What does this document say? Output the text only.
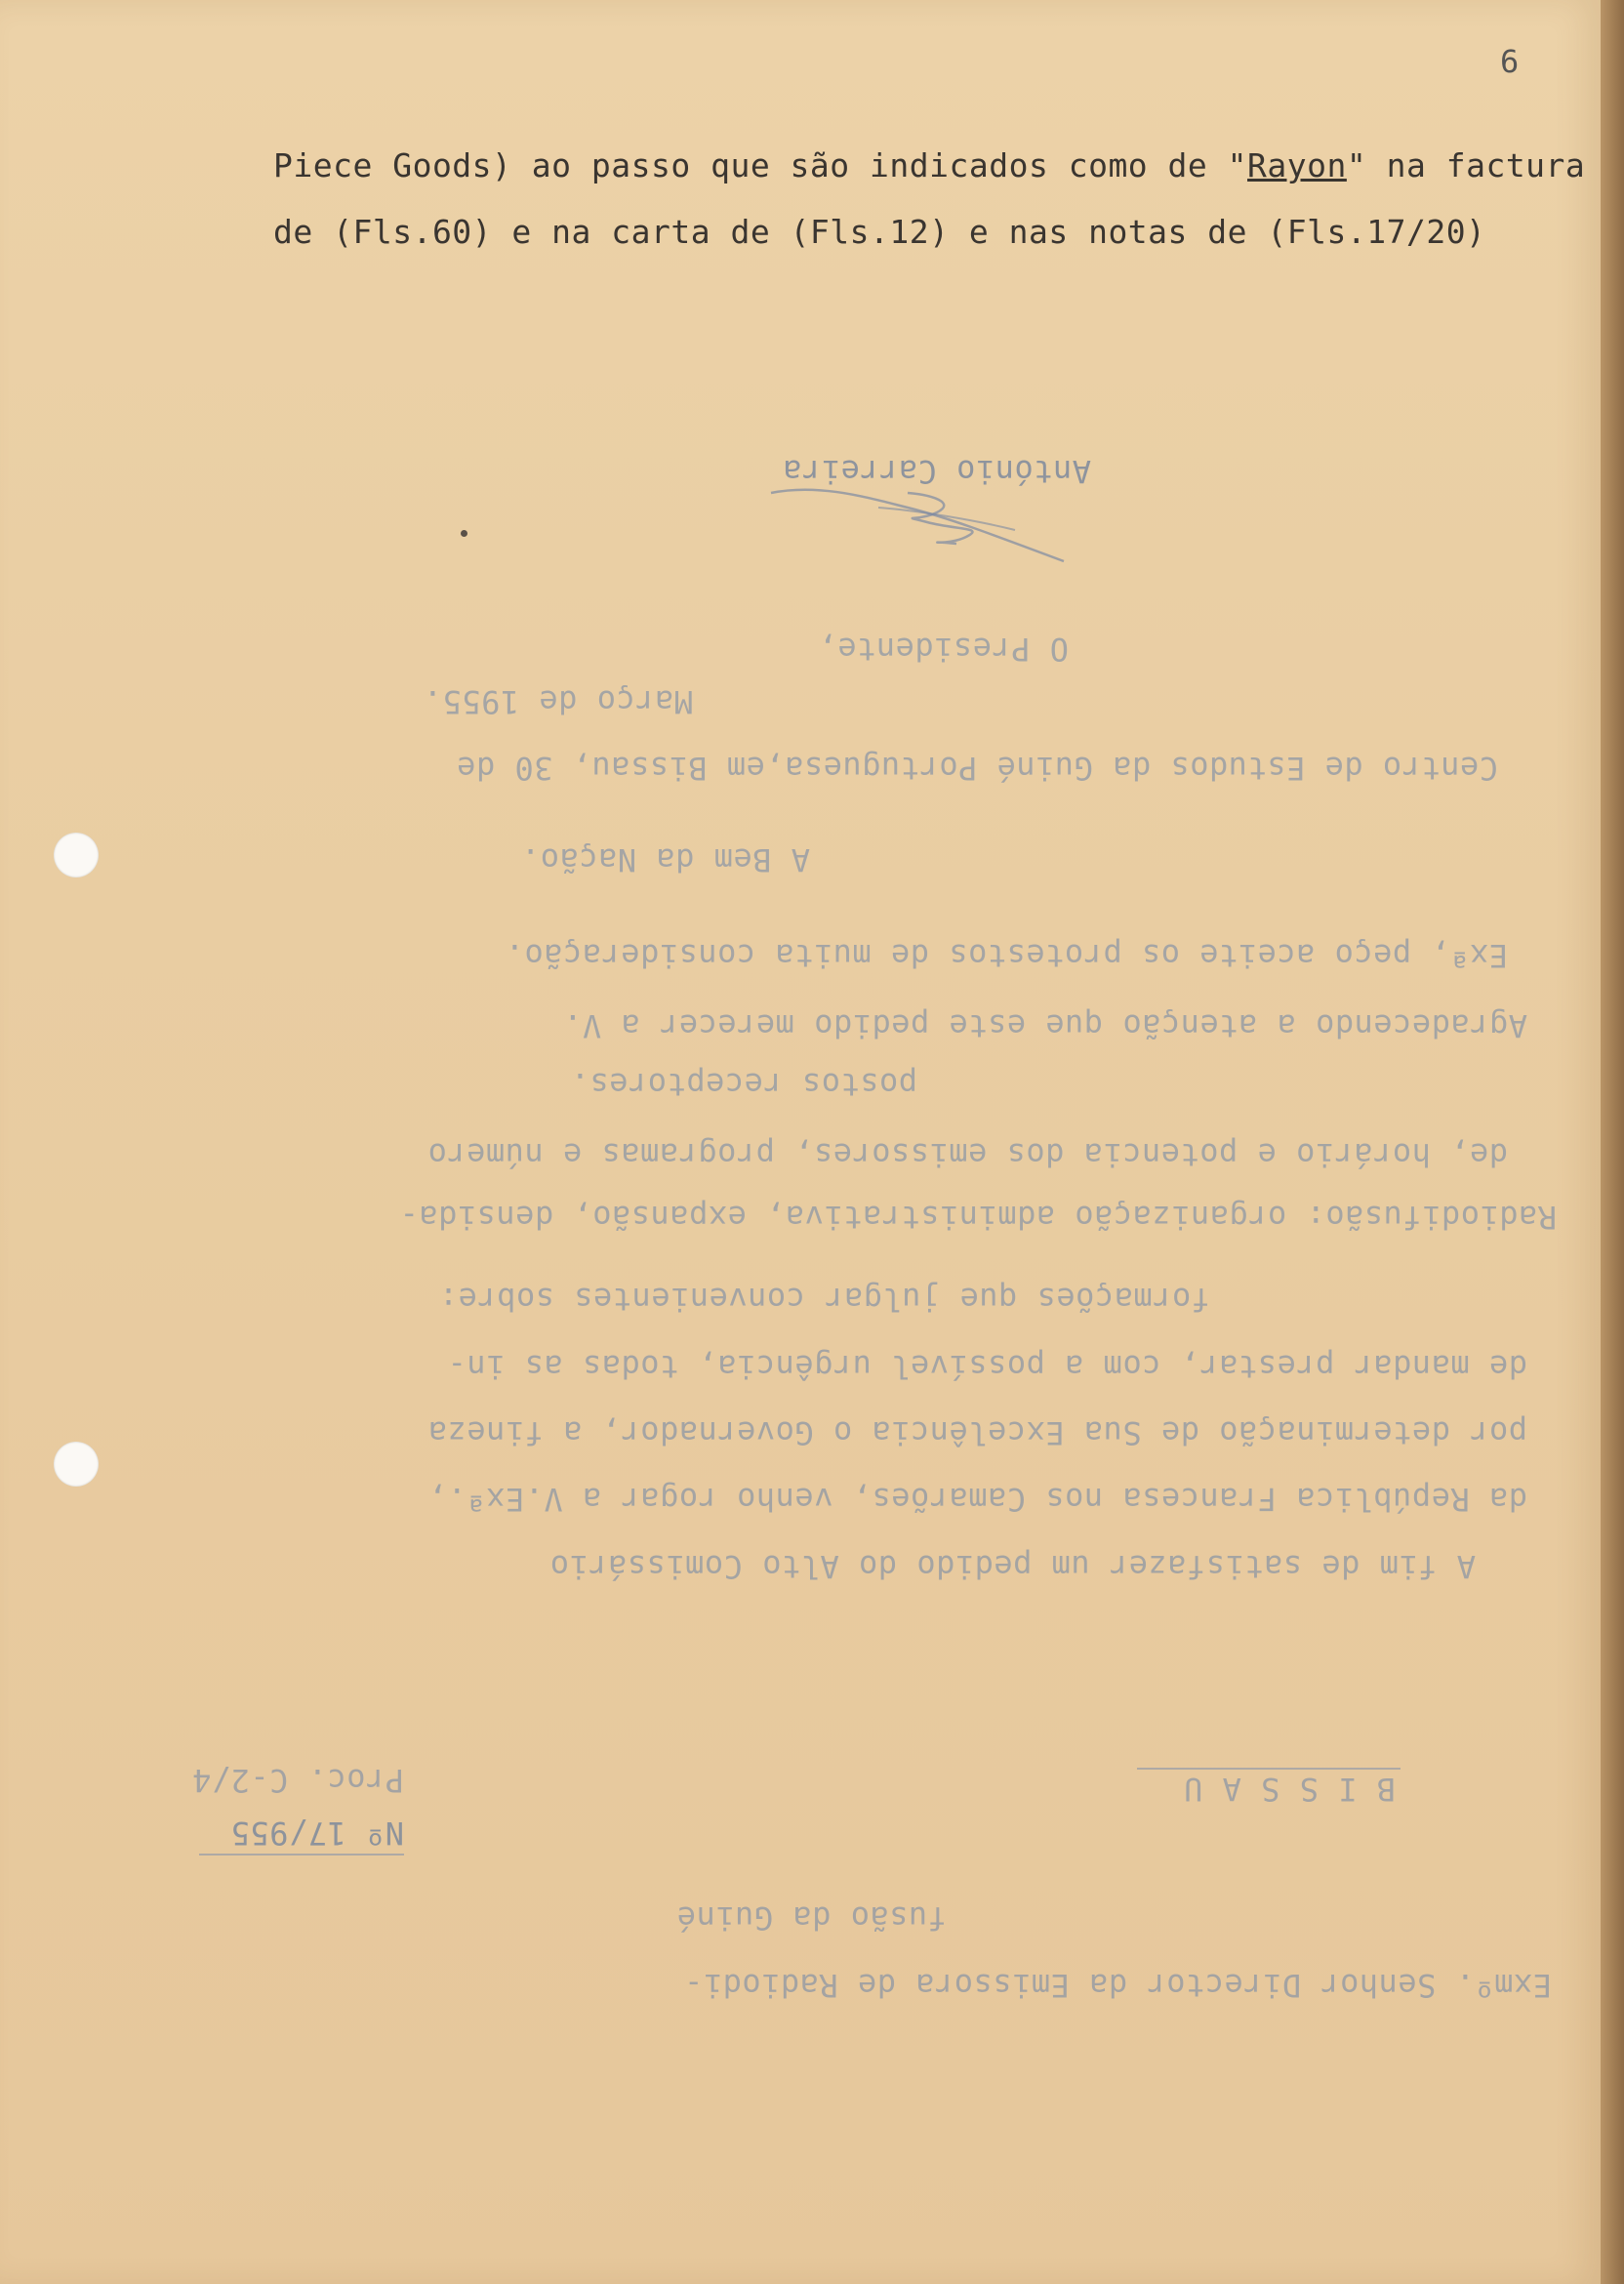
6
Piece Goods) ao passo que são indicados como de "Rayon" na factura
de (Fls.60) e na carta de (Fls.12) e nas notas de (Fls.17/20)
Exmº. Senhor Director da Emissora de Radiodi-
fusão da Guiné
Nº 17/955
Proc. C-2/4	B I S S A U
A fim de satisfazer um pedido do Alto Comissário
da República Francesa nos Camarões, venho rogar a V.Exª.,
por determinação de Sua Excelência o Governador, a fineza
de mandar prestar, com a possível urgência, todas as in-
formações que julgar convenientes sobre:
Radiodifusão: organização administrativa, expansão, densida-
de, horário e potencia dos emissores, programas e número
postos receptores.
Agradecendo a atenção que este pedido merecer a V.
Exª, peço aceite os protestos de muita consideração.
A Bem da Nação.
Centro de Estudos da Guiné Portuguesa,em Bissau, 30 de
Março de 1955.
O Presidente,
António Carreira
